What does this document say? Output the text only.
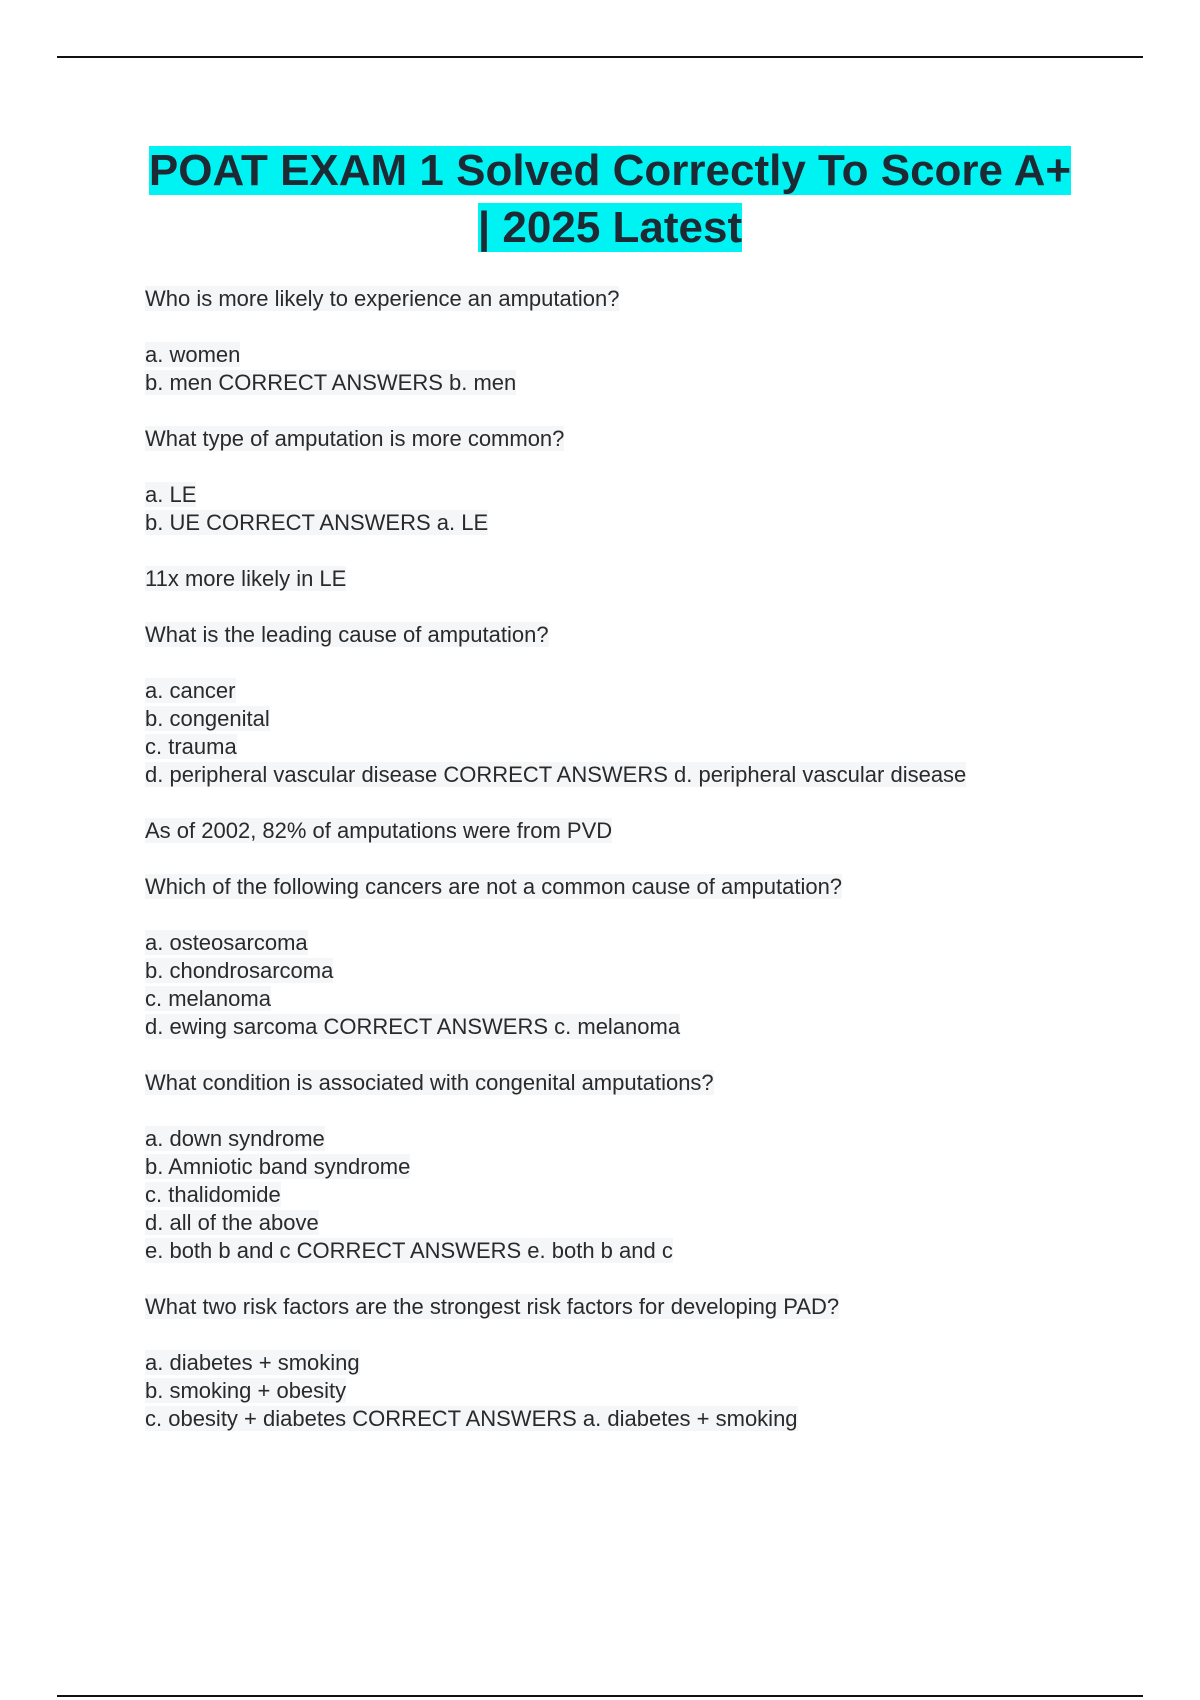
POAT EXAM 1 Solved Correctly To Score A+ | 2025 Latest
Who is more likely to experience an amputation?
a. women
b. men CORRECT ANSWERS b. men
What type of amputation is more common?
a. LE
b. UE CORRECT ANSWERS a. LE
11x more likely in LE
What is the leading cause of amputation?
a. cancer
b. congenital
c. trauma
d. peripheral vascular disease CORRECT ANSWERS d. peripheral vascular disease
As of 2002, 82% of amputations were from PVD
Which of the following cancers are not a common cause of amputation?
a. osteosarcoma
b. chondrosarcoma
c. melanoma
d. ewing sarcoma CORRECT ANSWERS c. melanoma
What condition is associated with congenital amputations?
a. down syndrome
b. Amniotic band syndrome
c. thalidomide
d. all of the above
e. both b and c CORRECT ANSWERS e. both b and c
What two risk factors are the strongest risk factors for developing PAD?
a. diabetes + smoking
b. smoking + obesity
c. obesity + diabetes CORRECT ANSWERS a. diabetes + smoking
